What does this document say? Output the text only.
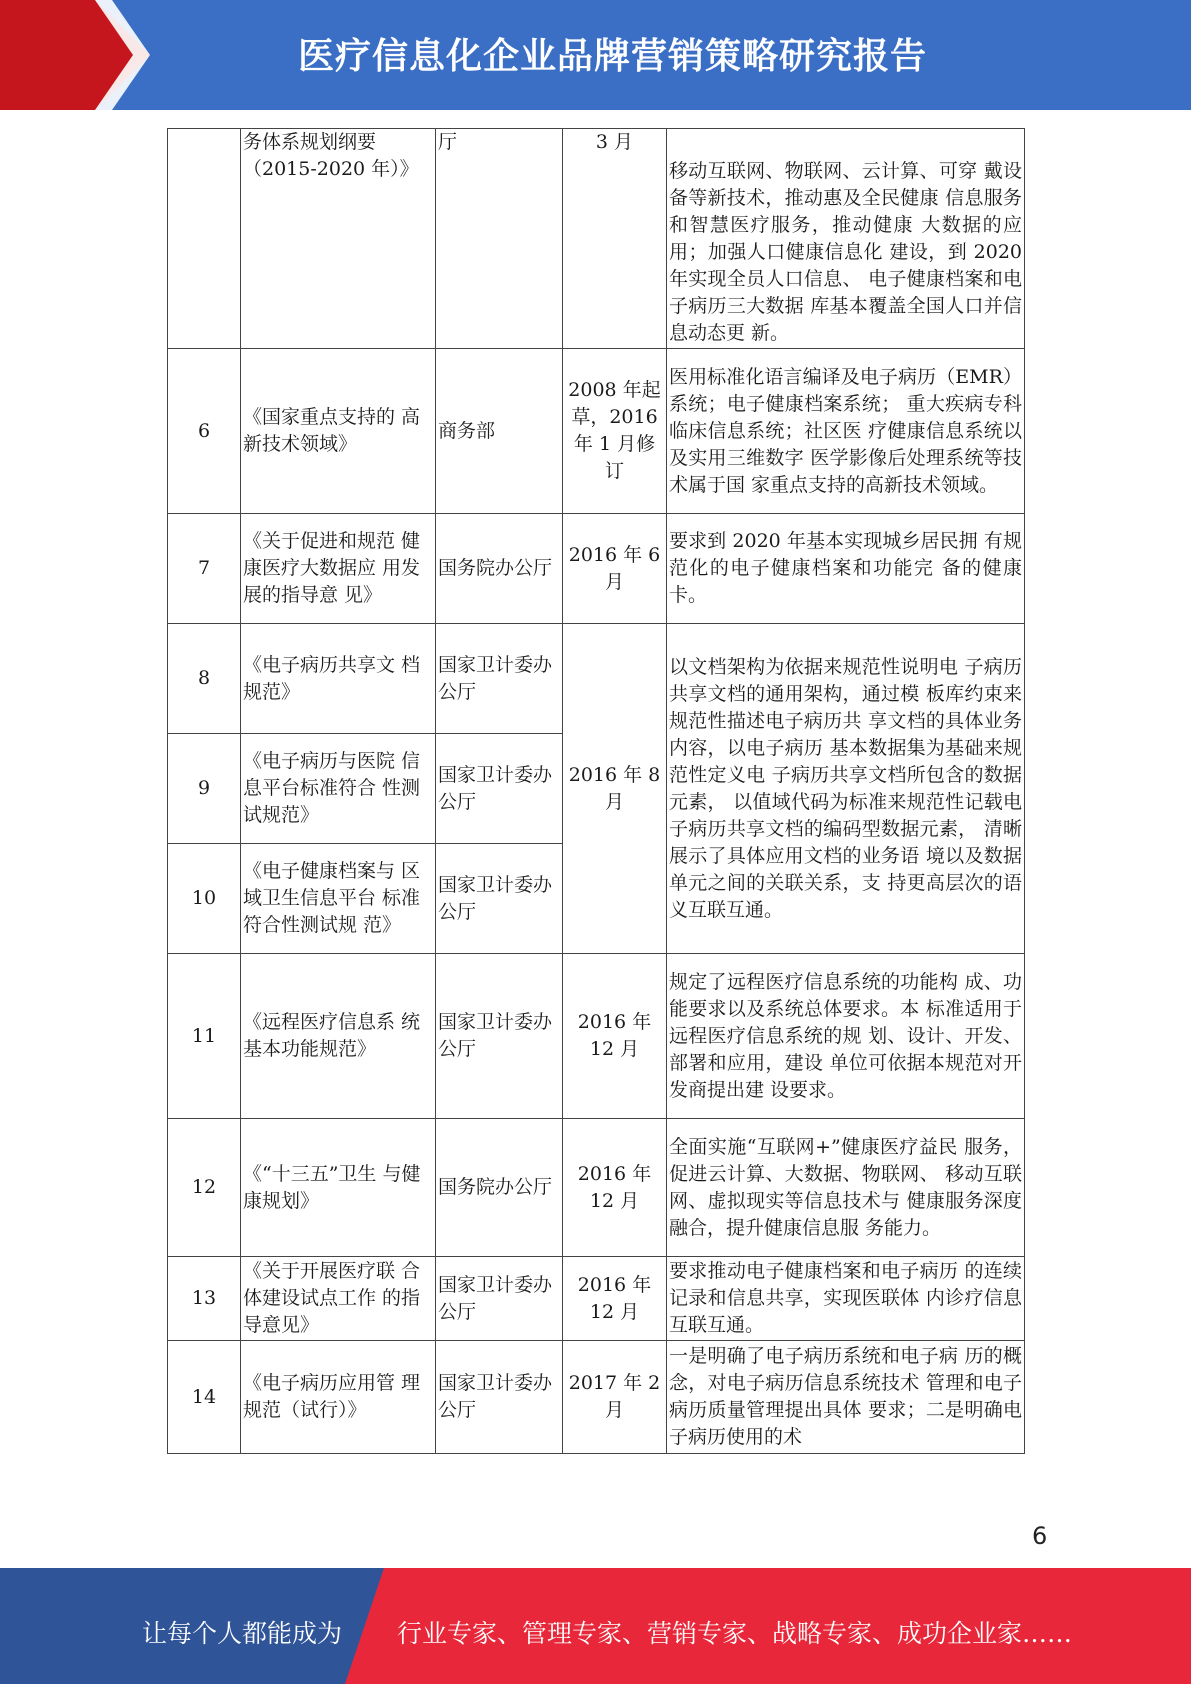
医疗信息化企业品牌营销策略研究报告
	务体系规划纲要（2015-2020 年）》	厅	3 月	移动互联网、物联网、云计算、可穿 戴设备等新技术，推动惠及全民健康 信息服务和智慧医疗服务，推动健康 大数据的应用；加强人口健康信息化 建设，到 2020 年实现全员人口信息、 电子健康档案和电子病历三大数据 库基本覆盖全国人口并信息动态更 新。
6	《国家重点支持的 高新技术领域》	商务部	2008 年起草，2016 年 1 月修订	医用标准化语言编译及电子病历（EMR）系统；电子健康档案系统； 重大疾病专科临床信息系统；社区医 疗健康信息系统以及实用三维数字 医学影像后处理系统等技术属于国 家重点支持的高新技术领域。
7	《关于促进和规范 健康医疗大数据应 用发展的指导意 见》	国务院办公厅	2016 年 6 月	要求到 2020 年基本实现城乡居民拥 有规范化的电子健康档案和功能完 备的健康卡。
8	《电子病历共享文 档规范》	国家卫计委办公厅	2016 年 8 月	以文档架构为依据来规范性说明电 子病历共享文档的通用架构，通过模 板库约束来规范性描述电子病历共 享文档的具体业务内容，以电子病历 基本数据集为基础来规范性定义电 子病历共享文档所包含的数据元素， 以值域代码为标准来规范性记载电 子病历共享文档的编码型数据元素， 清晰展示了具体应用文档的业务语 境以及数据单元之间的关联关系，支 持更高层次的语义互联互通。
9	《电子病历与医院 信息平台标准符合 性测试规范》	国家卫计委办公厅		
10	《电子健康档案与 区域卫生信息平台 标准符合性测试规 范》	国家卫计委办公厅		
11	《远程医疗信息系 统基本功能规范》	国家卫计委办公厅	2016 年 12 月	规定了远程医疗信息系统的功能构 成、功能要求以及系统总体要求。本 标准适用于远程医疗信息系统的规 划、设计、开发、部署和应用，建设 单位可依据本规范对开发商提出建 设要求。
12	《“十三五”卫生 与健康规划》	国务院办公厅	2016 年 12 月	全面实施“互联网+”健康医疗益民 服务，促进云计算、大数据、物联网、 移动互联网、虚拟现实等信息技术与 健康服务深度融合，提升健康信息服 务能力。
13	《关于开展医疗联 合体建设试点工作 的指导意见》	国家卫计委办公厅	2016 年 12 月	要求推动电子健康档案和电子病历 的连续记录和信息共享，实现医联体 内诊疗信息互联互通。
14	《电子病历应用管 理规范（试行）》	国家卫计委办公厅	2017 年 2 月	一是明确了电子病历系统和电子病 历的概念，对电子病历信息系统技术 管理和电子病历质量管理提出具体 要求；二是明确电子病历使用的术
6
让每个人都能成为 行业专家、管理专家、营销专家、战略专家、成功企业家……
